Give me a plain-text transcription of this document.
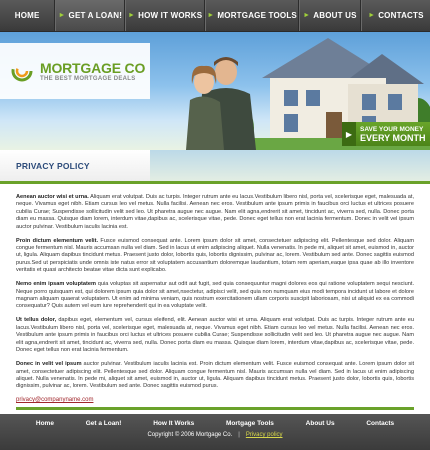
HOME	► GET A LOAN! ► HOW IT WORKS ► MORTGAGE TOOLS ► ABOUT US ► CONTACTS
MORTGAGE CO
THE BEST MORTGAGE DEALS
▶	SAVE YOUR MONEY
EVERY MONTH
PRIVACY POLICY

Aenean auctor wisi et urna. Aliquam erat volutpat. Duis ac turpis. Integer rutrum ante eu lacus.Vestibulum libero nisl, porta vel, scelerisque eget, malesuada at, neque. Vivamus eget nibh. Etiam cursus leo vel metus. Nulla facilisi. Aenean nec eros. Vestibulum ante ipsum primis in faucibus orci luctus et ultrices posuere cubilia Curae; Suspendisse sollicitudin velit sed leo. Ut pharetra augue nec augue. Nam elit agna,endrerit sit amet, tincidunt ac, viverra sed, nulla. Donec porta diam eu massa. Quisque diam lorem, interdum vitae,dapibus ac, scelerisque vitae, pede. Donec eget tellus non erat lacinia fermentum. Donec in velit vel ipsum auctor pulvinar. Vestibulum iaculis lacinia est.

Proin dictum elementum velit. Fusce euismod consequat ante. Lorem ipsum dolor sit amet, consectetuer adipiscing elit. Pellentesque sed dolor. Aliquam congue fermentum nisl. Mauris accumsan nulla vel diam. Sed in lacus ut enim adipiscing aliquet. Nulla venenatis. In pede mi, aliquet sit amet, euismod in, auctor ut, ligula. Aliquam dapibus tincidunt metus. Praesent justo dolor, lobortis quis, lobortis dignissim, pulvinar ac, lorem. Vestibulum sed ante. Donec sagittis euismod purus.Sed ut perspiciatis unde omnis iste natus error sit voluptatem accusantium doloremque laudantium, totam rem aperiam,eaque ipsa quae ab illo inventore veritatis et quasi architecto beatae vitae dicta sunt explicabo.

Nemo enim ipsam voluptatem quia voluptas sit aspernatur aut odit aut fugit, sed quia consequuntur magni dolores eos qui ratione voluptatem sequi nesciunt. Neque porro quisquam est, qui dolorem ipsum quia dolor sit amet,nsectetur, adipisci velit, sed quia non numquam eius modi tempora incidunt ut labore et dolore magnam aliquam quaerat voluptatem. Ut enim ad minima veniam, quis nostrum exercitationem ullam corporis suscipit laboriosam, nisi ut aliquid ex ea commodi consequatur? Quis autem vel eum iure reprehenderit qui in ea voluptate velit.

Ut tellus dolor, dapibus eget, elementum vel, cursus eleifend, elit. Aenean auctor wisi et urna. Aliquam erat volutpat. Duis ac turpis. Integer rutrum ante eu lacus.Vestibulum libero nisl, porta vel, scelerisque eget, malesuada at, neque. Vivamus eget nibh. Etiam cursus leo vel metus. Nulla facilisi. Aenean nec eros. Vestibulum ante ipsum primis in faucibus orci luctus et ultrices posuere cubilia Curae; Suspendisse sollicitudin velit sed leo. Ut pharetra augue nec augue. Nam elit agna,endrerit sit amet, tincidunt ac, viverra sed, nulla. Donec porta diam eu massa. Quisque diam lorem, interdum vitae,dapibus ac, scelerisque vitae, pede. Donec eget tellus non erat lacinia fermentum.

Donec in velit vel ipsum auctor pulvinar. Vestibulum iaculis lacinia est. Proin dictum elementum velit. Fusce euismod consequat ante. Lorem ipsum dolor sit amet, consectetuer adipiscing elit. Pellentesque sed dolor. Aliquam congue fermentum nisl. Mauris accumsan nulla vel diam. Sed in lacus ut enim adipiscing aliquet. Nulla venenatis. In pede mi, aliquet sit amet, euismod in, auctor ut, ligula. Aliquam dapibus tincidunt metus. Praesent justo dolor, lobortis quis, lobortis dignissim, pulvinar ac, lorem. Vestibulum sed ante. Donec sagittis euismod purus.

privacy@companyname.com
Home	Get a Loan!	How It Works	Mortgage Tools	About Us	Contacts
Copyright © 2006 Mortgage Co. | Privacy policy
